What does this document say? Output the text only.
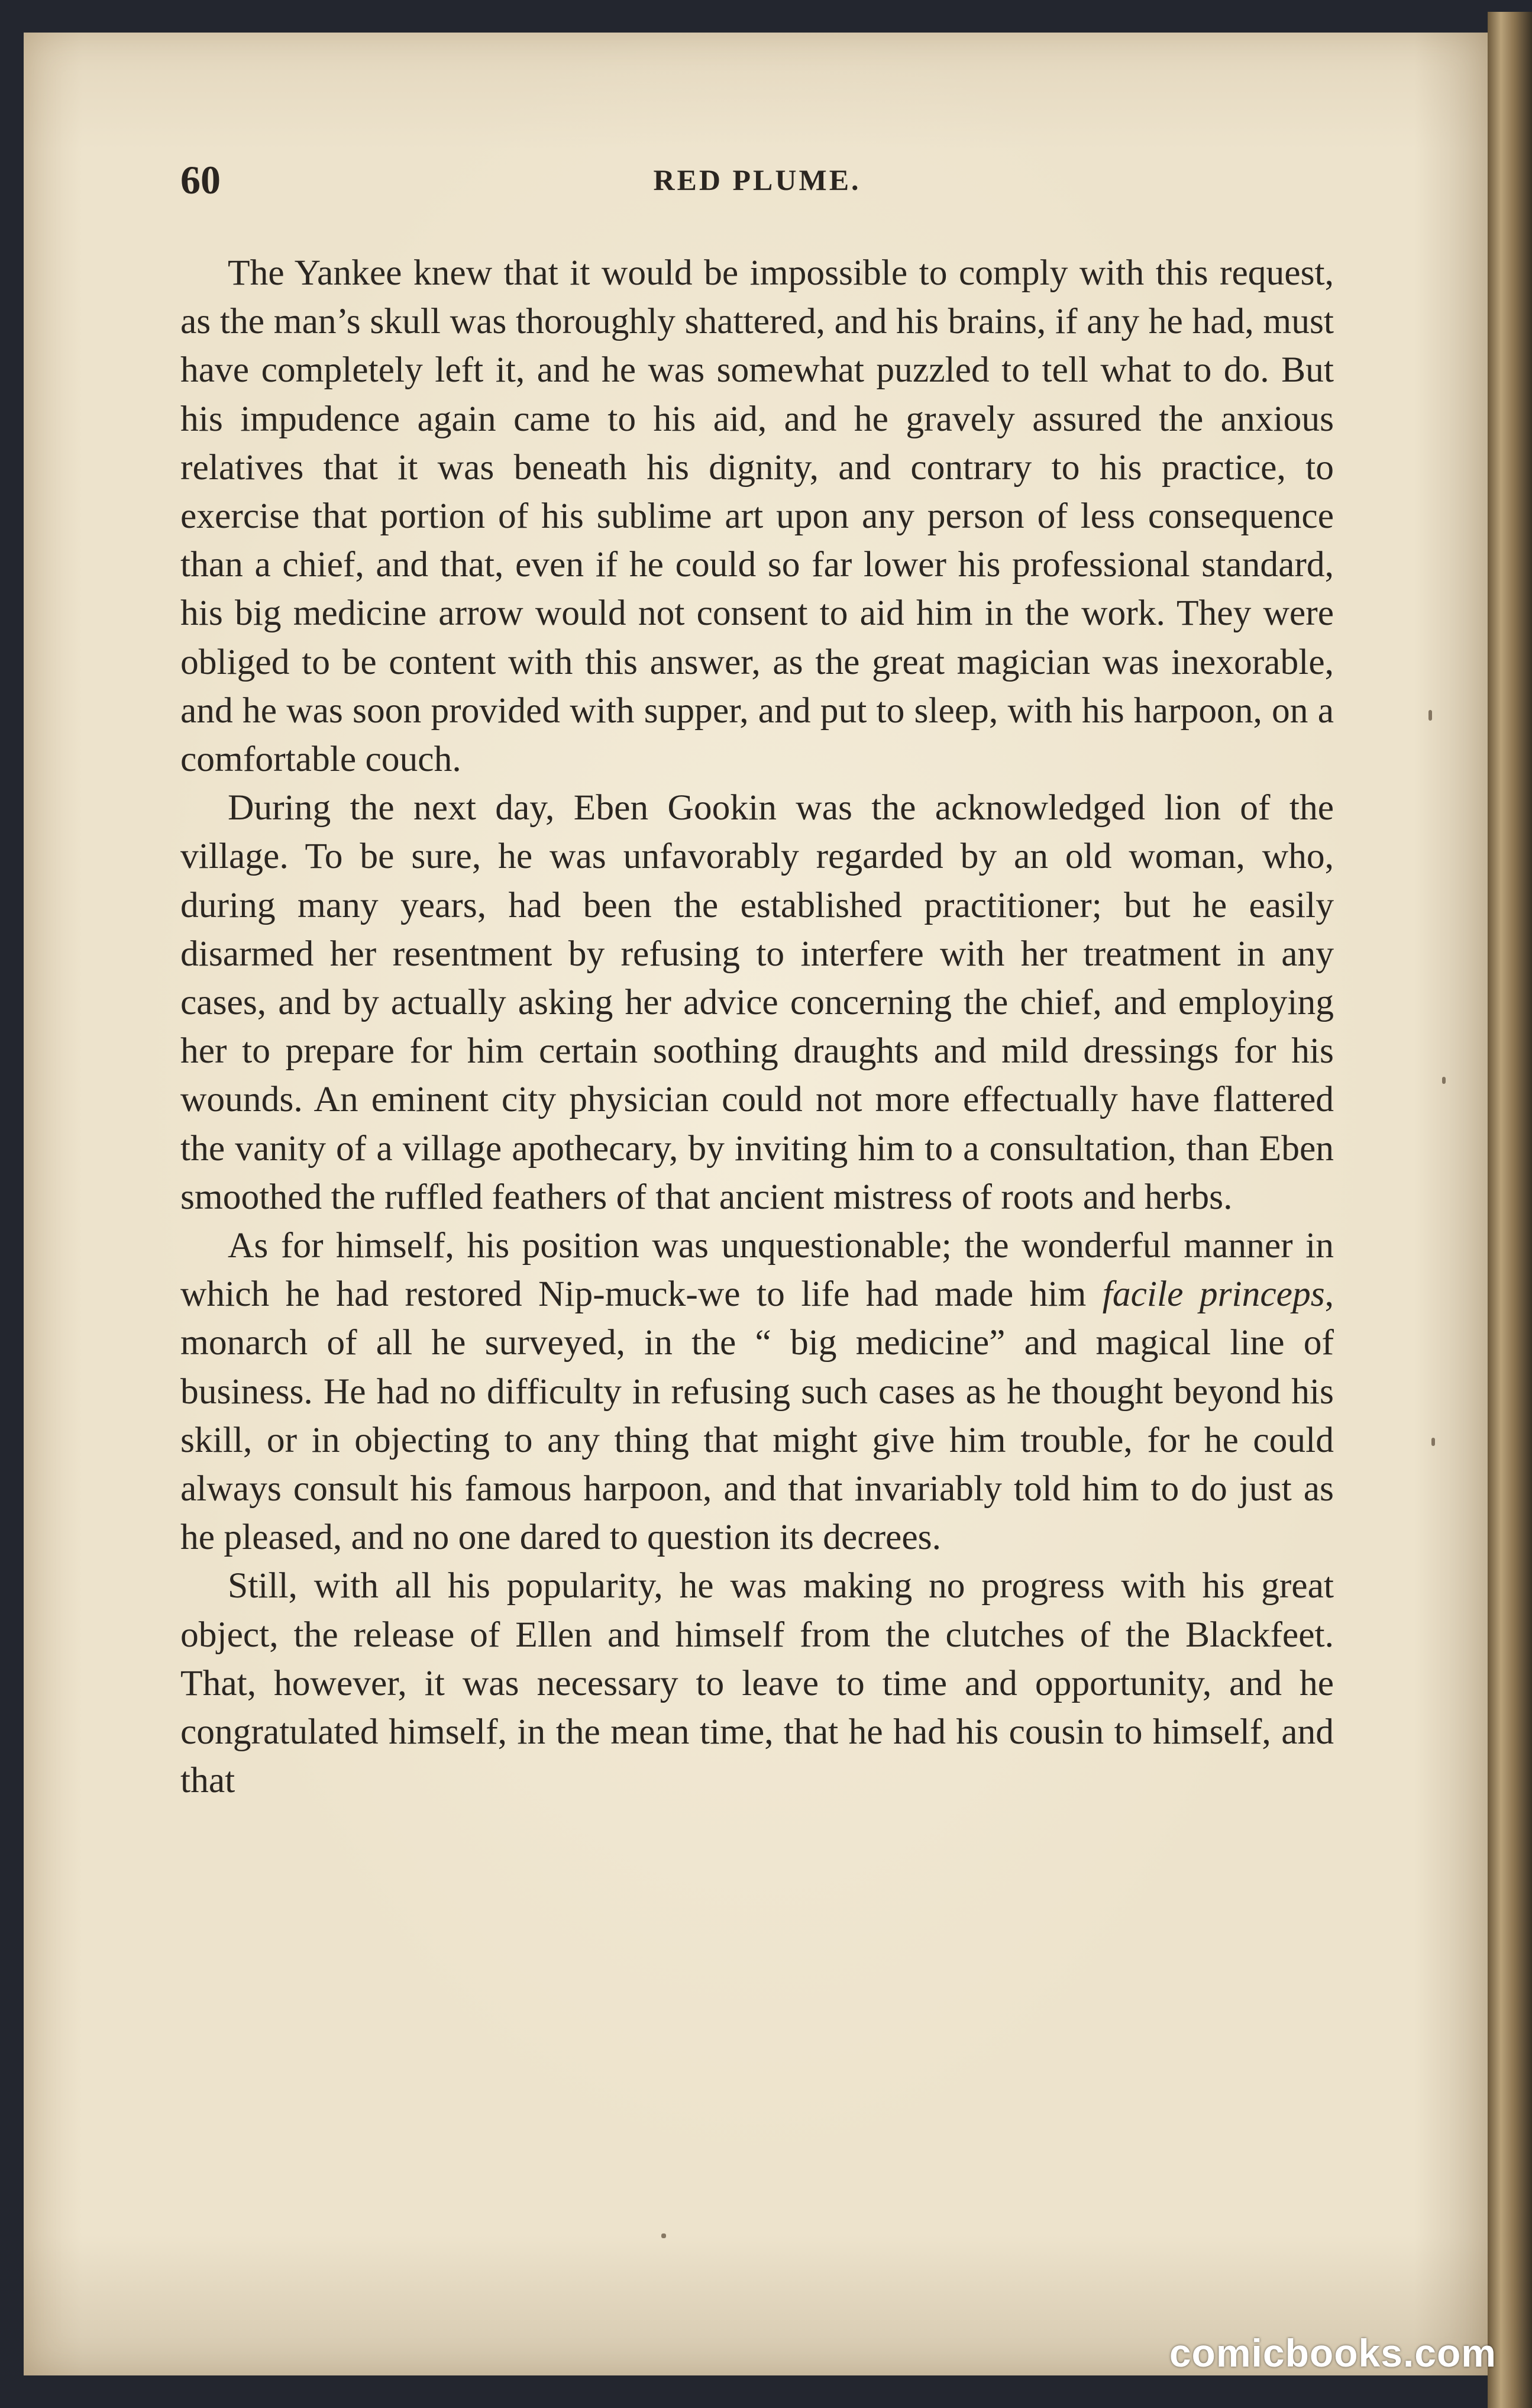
60	RED PLUME.

The Yankee knew that it would be impossible to comply with this request, as the man’s skull was thoroughly shattered, and his brains, if any he had, must have completely left it, and he was somewhat puzzled to tell what to do. But his impudence again came to his aid, and he gravely assured the anxious relatives that it was beneath his dignity, and contrary to his practice, to exercise that portion of his sublime art upon any person of less consequence than a chief, and that, even if he could so far lower his professional standard, his big medicine arrow would not consent to aid him in the work. They were obliged to be content with this answer, as the great magician was inexorable, and he was soon provided with supper, and put to sleep, with his harpoon, on a comfortable couch.

During the next day, Eben Gookin was the acknowledged lion of the village. To be sure, he was unfavorably regarded by an old woman, who, during many years, had been the established practitioner; but he easily disarmed her resentment by refusing to interfere with her treatment in any cases, and by actually asking her advice concerning the chief, and employing her to prepare for him certain soothing draughts and mild dressings for his wounds. An eminent city physician could not more effectually have flattered the vanity of a village apothecary, by inviting him to a consultation, than Eben smoothed the ruffled feathers of that ancient mistress of roots and herbs.

As for himself, his position was unquestionable; the wonderful manner in which he had restored Nip-muck-we to life had made him facile princeps, monarch of all he surveyed, in the “ big medicine” and magical line of business. He had no difficulty in refusing such cases as he thought beyond his skill, or in objecting to any thing that might give him trouble, for he could always consult his famous harpoon, and that invariably told him to do just as he pleased, and no one dared to question its decrees.

Still, with all his popularity, he was making no progress with his great object, the release of Ellen and himself from the clutches of the Blackfeet. That, however, it was necessary to leave to time and opportunity, and he congratulated himself, in the mean time, that he had his cousin to himself, and that

comicbooks.com
